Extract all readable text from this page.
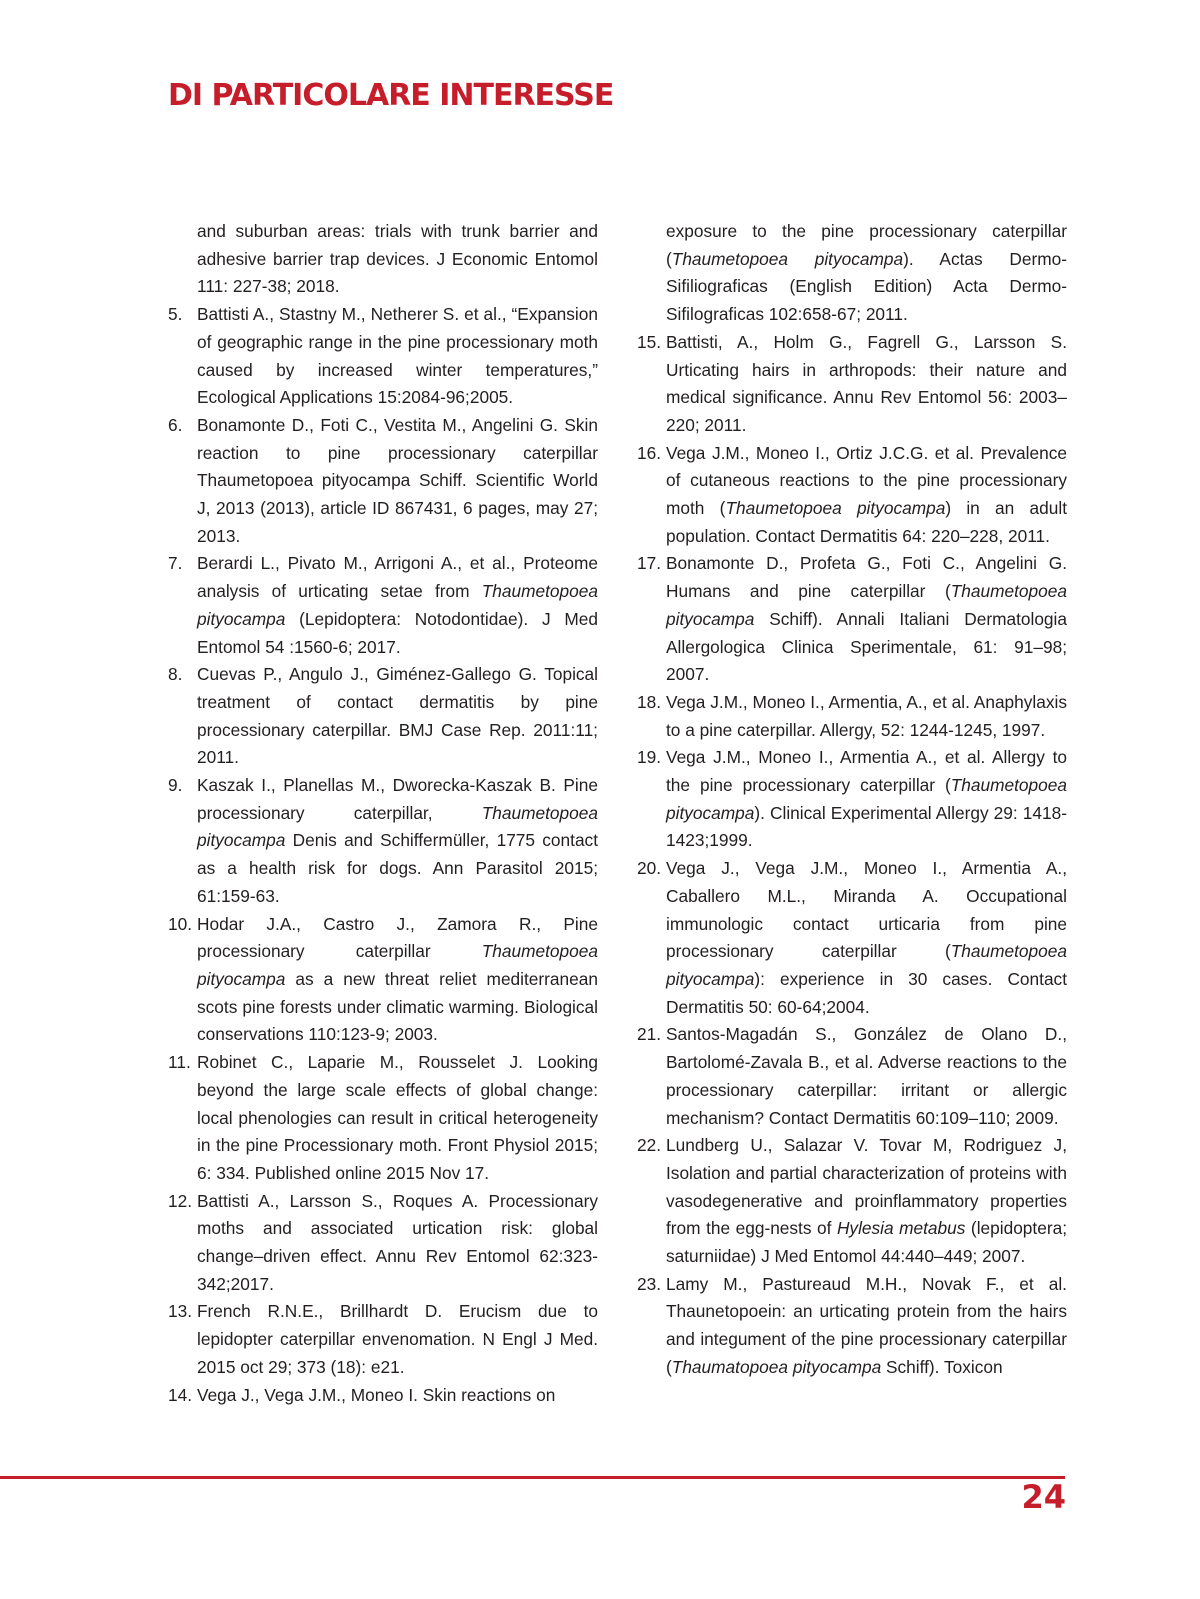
DI PARTICOLARE INTERESSE

and suburban areas: trials with trunk barrier and adhesive barrier trap devices. J Economic Entomol 111: 227-38; 2018.

5. Battisti A., Stastny M., Netherer S. et al., “Expansion of geographic range in the pine processionary moth caused by increased winter temperatures,” Ecological Applications 15:2084-96;2005.

6. Bonamonte D., Foti C., Vestita M., Angelini G. Skin reaction to pine processionary caterpillar Thaumetopoea pityocampa Schiff. Scientific World J, 2013 (2013), article ID 867431, 6 pages, may 27; 2013.

7. Berardi L., Pivato M., Arrigoni A., et al., Proteome analysis of urticating setae from Thaumetopoea pityocampa (Lepidoptera: Notodontidae). J Med Entomol 54 :1560-6; 2017.

8. Cuevas P., Angulo J., Giménez-Gallego G. Topical treatment of contact dermatitis by pine processionary caterpillar. BMJ Case Rep. 2011:11; 2011.

9. Kaszak I., Planellas M., Dworecka-Kaszak B. Pine processionary caterpillar, Thaumetopoea pityocampa Denis and Schiffermüller, 1775 contact as a health risk for dogs. Ann Parasitol 2015; 61:159-63.

10. Hodar J.A., Castro J., Zamora R., Pine processionary caterpillar Thaumetopoea pityocampa as a new threat reliet mediterranean scots pine forests under climatic warming. Biological conservations 110:123-9; 2003.

11. Robinet C., Laparie M., Rousselet J. Looking beyond the large scale effects of global change: local phenologies can result in critical heterogeneity in the pine Processionary moth. Front Physiol 2015; 6: 334. Published online 2015 Nov 17.

12. Battisti A., Larsson S., Roques A. Processionary moths and associated urtication risk: global change–driven effect. Annu Rev Entomol 62:323-342;2017.

13. French R.N.E., Brillhardt D. Erucism due to lepidopter caterpillar envenomation. N Engl J Med. 2015 oct 29; 373 (18): e21.

14. Vega J., Vega J.M., Moneo I. Skin reactions on

exposure to the pine processionary caterpillar (Thaumetopoea pityocampa). Actas Dermo-Sifiliograficas (English Edition) Acta Dermo-Sifilograficas 102:658-67; 2011.

15. Battisti, A., Holm G., Fagrell G., Larsson S. Urticating hairs in arthropods: their nature and medical significance. Annu Rev Entomol 56: 2003–220; 2011.

16. Vega J.M., Moneo I., Ortiz J.C.G. et al. Prevalence of cutaneous reactions to the pine processionary moth (Thaumetopoea pityocampa) in an adult population. Contact Dermatitis 64: 220–228, 2011.

17. Bonamonte D., Profeta G., Foti C., Angelini G. Humans and pine caterpillar (Thaumetopoea pityocampa Schiff). Annali Italiani Dermatologia Allergologica Clinica Sperimentale, 61: 91–98; 2007.

18. Vega J.M., Moneo I., Armentia, A., et al. Anaphylaxis to a pine caterpillar. Allergy, 52: 1244-1245, 1997.

19. Vega J.M., Moneo I., Armentia A., et al. Allergy to the pine processionary caterpillar (Thaumetopoea pityocampa). Clinical Experimental Allergy 29: 1418-1423;1999.

20. Vega J., Vega J.M., Moneo I., Armentia A., Caballero M.L., Miranda A. Occupational immunologic contact urticaria from pine processionary caterpillar (Thaumetopoea pityocampa): experience in 30 cases. Contact Dermatitis 50: 60-64;2004.

21. Santos-Magadán S., González de Olano D., Bartolomé-Zavala B., et al. Adverse reactions to the processionary caterpillar: irritant or allergic mechanism? Contact Dermatitis 60:109–110; 2009.

22. Lundberg U., Salazar V. Tovar M, Rodriguez J, Isolation and partial characterization of proteins with vasodegenerative and proinflammatory properties from the egg-nests of Hylesia metabus (lepidoptera; saturniidae) J Med Entomol 44:440–449; 2007.

23. Lamy M., Pastureaud M.H., Novak F., et al. Thaunetopoein: an urticating protein from the hairs and integument of the pine processionary caterpillar (Thaumatopoea pityocampa Schiff). Toxicon

24
